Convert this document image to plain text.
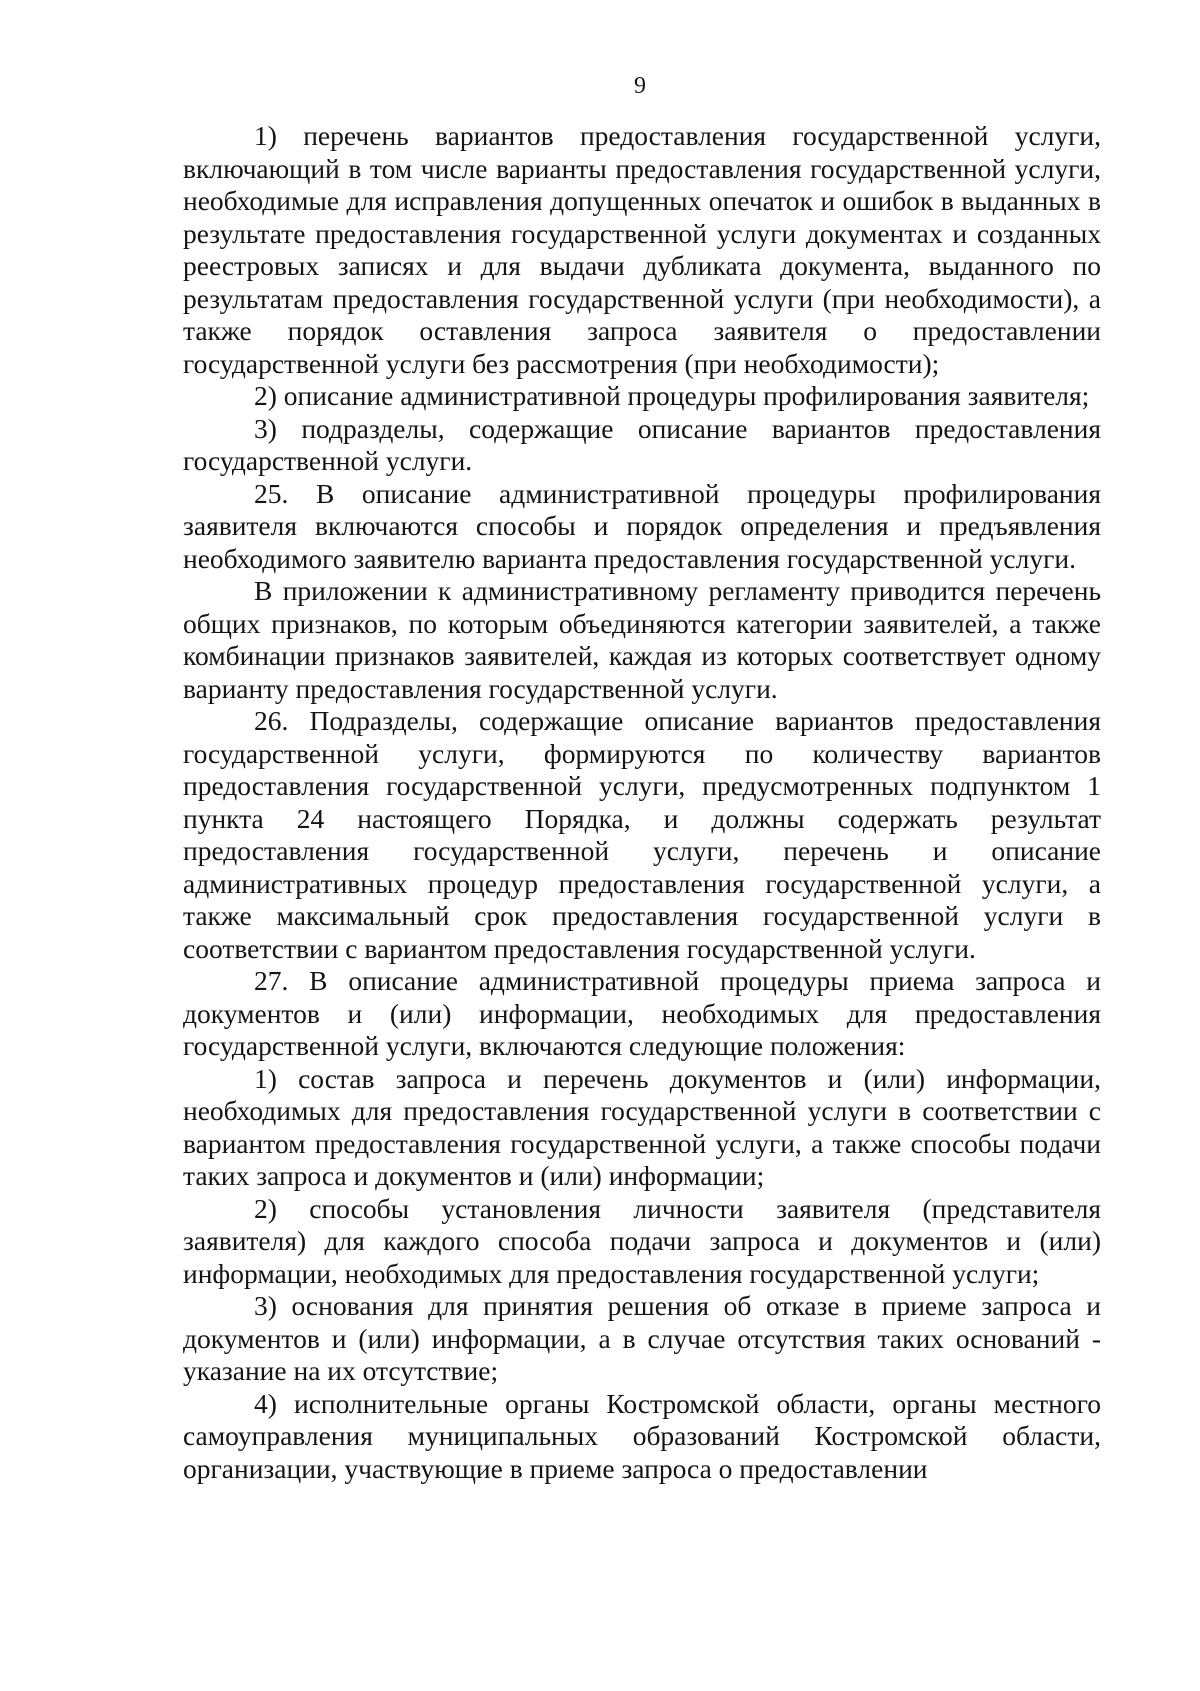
9

1) перечень вариантов предоставления государственной услуги, включающий в том числе варианты предоставления государственной услуги, необходимые для исправления допущенных опечаток и ошибок в выданных в результате предоставления государственной услуги документах и созданных реестровых записях и для выдачи дубликата документа, выданного по результатам предоставления государственной услуги (при необходимости), а также порядок оставления запроса заявителя о предоставлении государственной услуги без рассмотрения (при необходимости);

2) описание административной процедуры профилирования заявителя;

3) подразделы, содержащие описание вариантов предоставления государственной услуги.

25. В описание административной процедуры профилирования заявителя включаются способы и порядок определения и предъявления необходимого заявителю варианта предоставления государственной услуги.

В приложении к административному регламенту приводится перечень общих признаков, по которым объединяются категории заявителей, а также комбинации признаков заявителей, каждая из которых соответствует одному варианту предоставления государственной услуги.

26. Подразделы, содержащие описание вариантов предоставления государственной услуги, формируются по количеству вариантов предоставления государственной услуги, предусмотренных подпунктом 1 пункта 24 настоящего Порядка, и должны содержать результат предоставления государственной услуги, перечень и описание административных процедур предоставления государственной услуги, а также максимальный срок предоставления государственной услуги в соответствии с вариантом предоставления государственной услуги.

27. В описание административной процедуры приема запроса и документов и (или) информации, необходимых для предоставления государственной услуги, включаются следующие положения:

1) состав запроса и перечень документов и (или) информации, необходимых для предоставления государственной услуги в соответствии с вариантом предоставления государственной услуги, а также способы подачи таких запроса и документов и (или) информации;

2) способы установления личности заявителя (представителя заявителя) для каждого способа подачи запроса и документов и (или) информации, необходимых для предоставления государственной услуги;

3) основания для принятия решения об отказе в приеме запроса и документов и (или) информации, а в случае отсутствия таких оснований - указание на их отсутствие;

4) исполнительные органы Костромской области, органы местного самоуправления муниципальных образований Костромской области, организации, участвующие в приеме запроса о предоставлении
